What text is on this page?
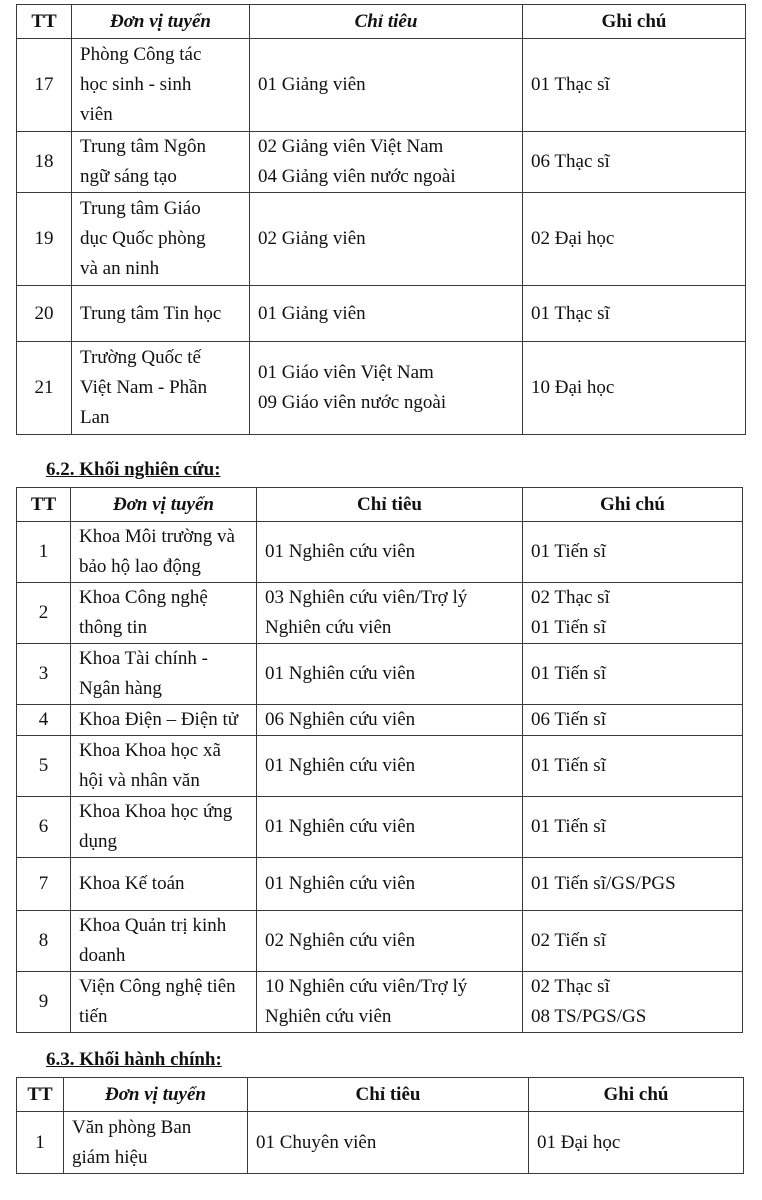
TT	Đơn vị tuyển	Chỉ tiêu	Ghi chú
17	Phòng Công tác
học sinh - sinh
viên	01 Giảng viên	01 Thạc sĩ

18	Trung tâm Ngôn
ngữ sáng tạo	02 Giảng viên Việt Nam
04 Giảng viên nước ngoài	06 Thạc sĩ

19	Trung tâm Giáo
dục Quốc phòng
và an ninh	02 Giảng viên	02 Đại học

20	Trung tâm Tin học	01 Giảng viên	01 Thạc sĩ

21	Trường Quốc tế
Việt Nam - Phần
Lan	01 Giáo viên Việt Nam
09 Giáo viên nước ngoài	10 Đại học
6.2. Khối nghiên cứu:
TT	Đơn vị tuyển	Chỉ tiêu	Ghi chú
1	Khoa Môi trường và
bảo hộ lao động	01 Nghiên cứu viên	01 Tiến sĩ

2	Khoa Công nghệ
thông tin	03 Nghiên cứu viên/Trợ lý
Nghiên cứu viên	02 Thạc sĩ
01 Tiến sĩ

3	Khoa Tài chính -
Ngân hàng	01 Nghiên cứu viên	01 Tiến sĩ

4	Khoa Điện – Điện tử	06 Nghiên cứu viên	06 Tiến sĩ

5	Khoa Khoa học xã
hội và nhân văn	01 Nghiên cứu viên	01 Tiến sĩ

6	Khoa Khoa học ứng
dụng	01 Nghiên cứu viên	01 Tiến sĩ

7	Khoa Kế toán	01 Nghiên cứu viên	01 Tiến sĩ/GS/PGS

8	Khoa Quản trị kinh
doanh	02 Nghiên cứu viên	02 Tiến sĩ

9	Viện Công nghệ tiên
tiến	10 Nghiên cứu viên/Trợ lý
Nghiên cứu viên	02 Thạc sĩ
08 TS/PGS/GS
6.3. Khối hành chính:
TT	Đơn vị tuyển	Chỉ tiêu	Ghi chú
1	Văn phòng Ban
giám hiệu	01 Chuyên viên	01 Đại học
